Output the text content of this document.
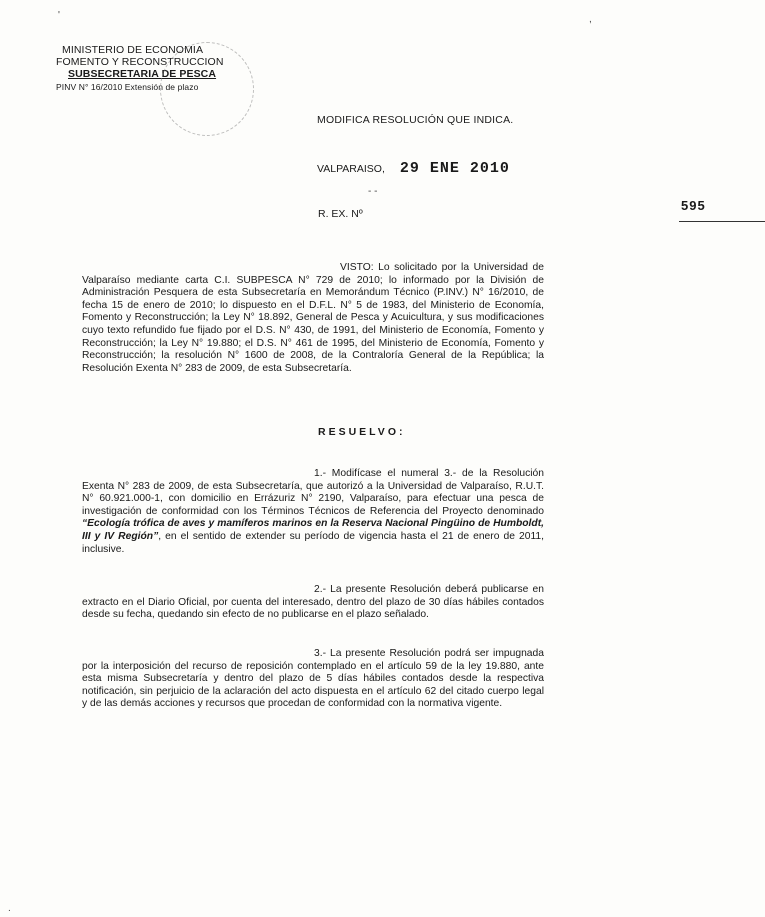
'	,
.
MINISTERIO DE ECONOMIA
FOMENTO Y RECONSTRUCCION
SUBSECRETARIA DE PESCA
PINV N° 16/2010 Extensión de plazo
MODIFICA RESOLUCIÓN QUE INDICA.
VALPARAISO, 29 ENE 2010
- -
R. EX. Nº
595
VISTO: Lo solicitado por la Universidad de Valparaíso mediante carta C.I. SUBPESCA N° 729 de 2010; lo informado por la División de Administración Pesquera de esta Subsecretaría en Memorándum Técnico (P.INV.) N° 16/2010, de fecha 15 de enero de 2010; lo dispuesto en el D.F.L. N° 5 de 1983, del Ministerio de Economía, Fomento y Reconstrucción; la Ley N° 18.892, General de Pesca y Acuicultura, y sus modificaciones cuyo texto refundido fue fijado por el D.S. N° 430, de 1991, del Ministerio de Economía, Fomento y Reconstrucción; la Ley N° 19.880; el D.S. N° 461 de 1995, del Ministerio de Economía, Fomento y Reconstrucción; la resolución N° 1600 de 2008, de la Contraloría General de la República; la Resolución Exenta N° 283 de 2009, de esta Subsecretaría.
RESUELVO:
1.- Modifícase el numeral 3.- de la Resolución Exenta N° 283 de 2009, de esta Subsecretaría, que autorizó a la Universidad de Valparaíso, R.U.T. N° 60.921.000-1, con domicilio en Errázuriz N° 2190, Valparaíso, para efectuar una pesca de investigación de conformidad con los Términos Técnicos de Referencia del Proyecto denominado “Ecología trófica de aves y mamíferos marinos en la Reserva Nacional Pingüino de Humboldt, III y IV Región”, en el sentido de extender su período de vigencia hasta el 21 de enero de 2011, inclusive.
2.- La presente Resolución deberá publicarse en extracto en el Diario Oficial, por cuenta del interesado, dentro del plazo de 30 días hábiles contados desde su fecha, quedando sin efecto de no publicarse en el plazo señalado.
3.- La presente Resolución podrá ser impugnada por la interposición del recurso de reposición contemplado en el artículo 59 de la ley 19.880, ante esta misma Subsecretaría y dentro del plazo de 5 días hábiles contados desde la respectiva notificación, sin perjuicio de la aclaración del acto dispuesta en el artículo 62 del citado cuerpo legal y de las demás acciones y recursos que procedan de conformidad con la normativa vigente.
